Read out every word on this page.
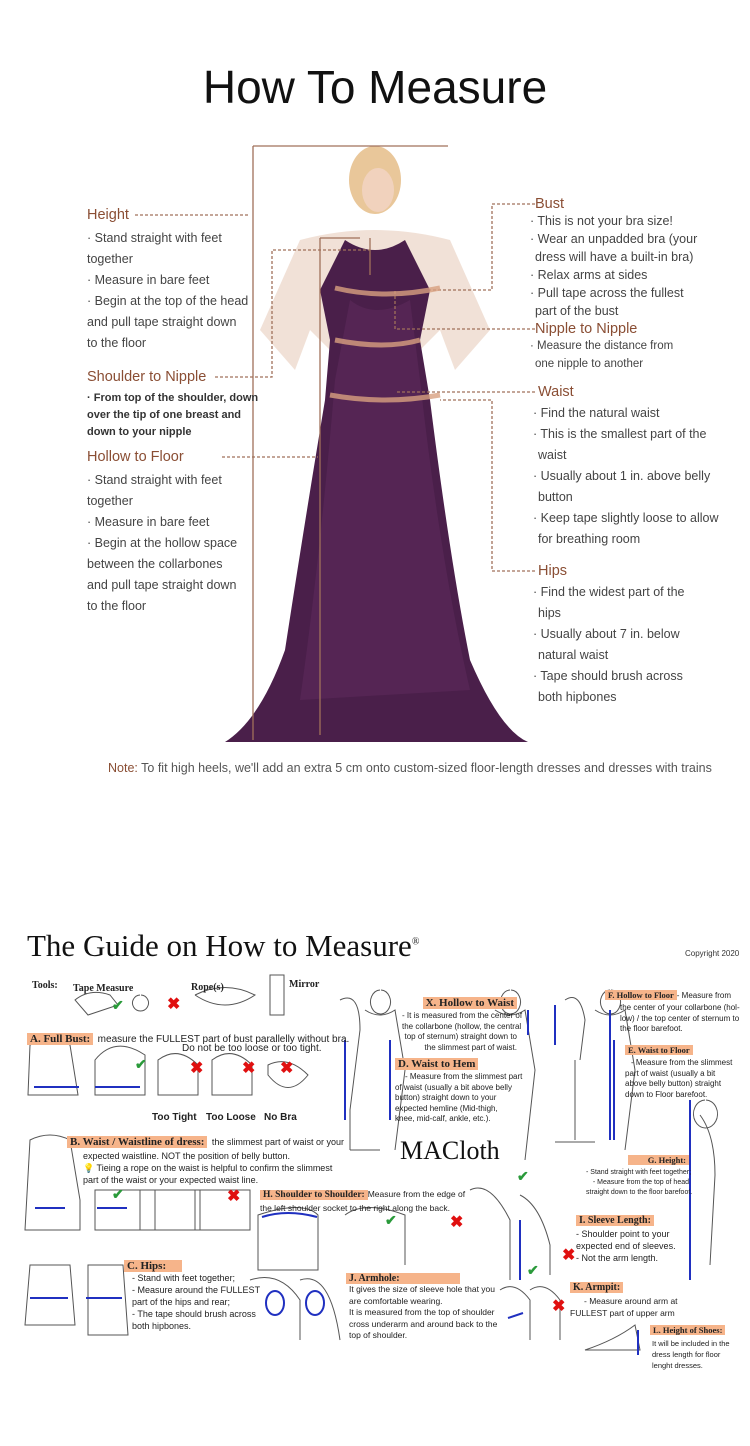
How To Measure
Height
· Stand straight with feet
together
· Measure in bare feet
· Begin at the top of the head
and pull tape straight down
to the floor
Shoulder to Nipple
· From top of the shoulder, down
over the tip of one breast and
down to your nipple
Hollow to Floor
· Stand straight with feet
together
· Measure in bare feet
· Begin at the hollow space
between the collarbones
and pull tape straight down
to the floor
Bust
· This is not your bra size!
· Wear an unpadded bra (your
dress will have a built-in bra)
· Relax arms at sides
· Pull tape across the fullest
part of the bust
Nipple to Nipple
· Measure the distance from
one nipple to another
Waist
· Find the natural waist
· This is the smallest part of the
waist
· Usually about 1 in. above belly
button
· Keep tape slightly loose to allow
for breathing room
Hips
· Find the widest part of the
hips
· Usually about 7 in. below
natural waist
· Tape should brush across
both hipbones
Note: To fit high heels, we'll add an extra 5 cm onto custom-sized floor-length dresses and dresses with trains
The Guide on How to Measure®
Copyright 2020
Tools: Tape Measure	Rope(s)	Mirror
✔	✖
A. Full Bust: measure the FULLEST part of bust parallelly without bra.
Do not be too loose or too tight.
✔	✖ ✖ ✖
Too Tight Too Loose No Bra
B. Waist / Waistline of dress: the slimmest part of waist or your
expected waistline. NOT the position of belly button.
💡 Tieing a rope on the waist is helpful to confirm the slimmest
part of the waist or your expected waist line.
✔	✖
C. Hips:
- Stand with feet together;
- Measure around the FULLEST
part of the hips and rear;
- The tape should brush across
both hipbones.
X. Hollow to Waist
- It is measured from the center of
the collarbone (hollow, the central
top of sternum) straight down to
the slimmest part of waist.
D. Waist to Hem
- Measure from the slimmest part
of waist (usually a bit above belly
button) straight down to your
expected hemline (Mid-thigh,
knee, mid-calf, ankle, etc.).
MACloth
F. Hollow to Floor - Measure from
the center of your collarbone (hol-
low) / the top center of sternum to
the floor barefoot.
E. Waist to Floor
- Measure from the slimmest
part of waist (usually a bit
above belly button) straight
down to Floor barefoot.
G. Height:
- Stand straight with feet together;
- Measure from the top of head
straight down to the floor barefoot.
H. Shoulder to Shoulder: Measure from the edge of
the left shoulder socket to the right along the back.
✔	✖
✔
✖
I. Sleeve Length:
- Shoulder point to your
expected end of sleeves.
- Not the arm length.
J. Armhole:
It gives the size of sleeve hole that you
are comfortable wearing.
It is measured from the top of shoulder
cross underarm and around back to the
top of shoulder.
✔
✖
K. Armpit:
- Measure around arm at
FULLEST part of upper arm
L. Height of Shoes:
It will be included in the
dress length for floor
lenght dresses.
